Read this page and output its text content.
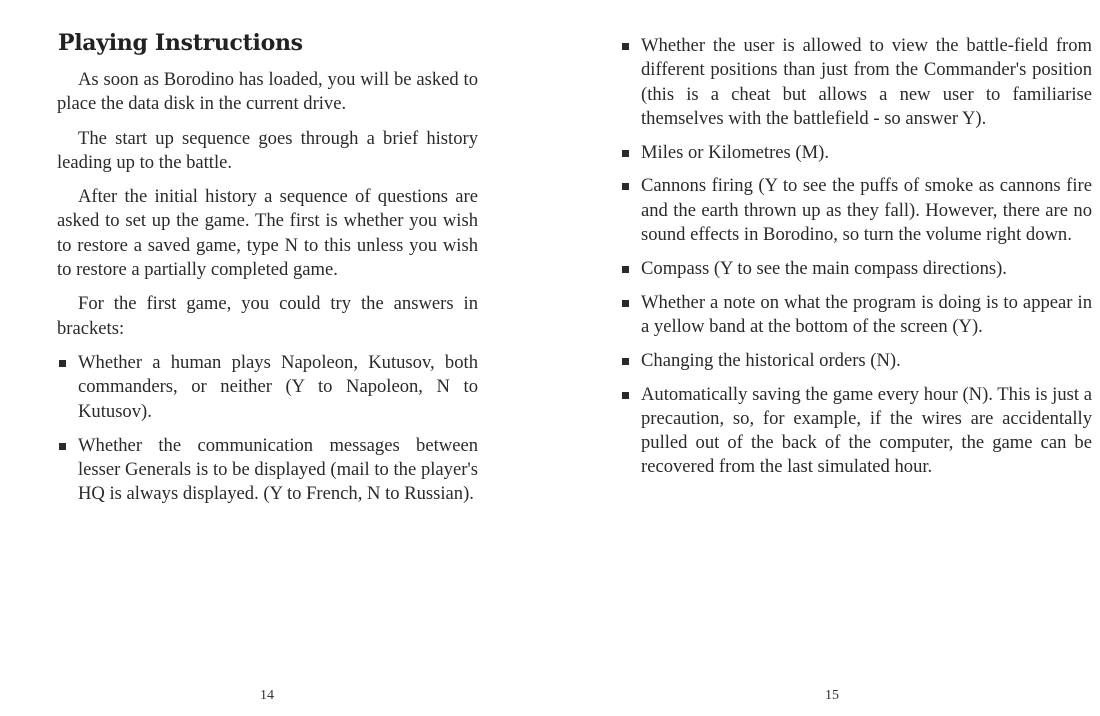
Playing Instructions

As soon as Borodino has loaded, you will be asked to place the data disk in the current drive.

The start up sequence goes through a brief history leading up to the battle.

After the initial history a sequence of questions are asked to set up the game. The first is whether you wish to restore a saved game, type N to this unless you wish to restore a partially completed game.

For the first game, you could try the answers in brackets:

Whether a human plays Napoleon, Kutusov, both commanders, or neither (Y to Napoleon, N to Kutusov).
Whether the communication messages between lesser Generals is to be displayed (mail to the player's HQ is always displayed. (Y to French, N to Russian).
14
Whether the user is allowed to view the battle-field from different positions than just from the Commander's position (this is a cheat but allows a new user to familiarise themselves with the battlefield - so answer Y).
Miles or Kilometres (M).
Cannons firing (Y to see the puffs of smoke as cannons fire and the earth thrown up as they fall). However, there are no sound effects in Borodino, so turn the volume right down.
Compass (Y to see the main compass directions).
Whether a note on what the program is doing is to appear in a yellow band at the bottom of the screen (Y).
Changing the historical orders (N).
Automatically saving the game every hour (N). This is just a precaution, so, for example, if the wires are accidentally pulled out of the back of the computer, the game can be recovered from the last simulated hour.
15
